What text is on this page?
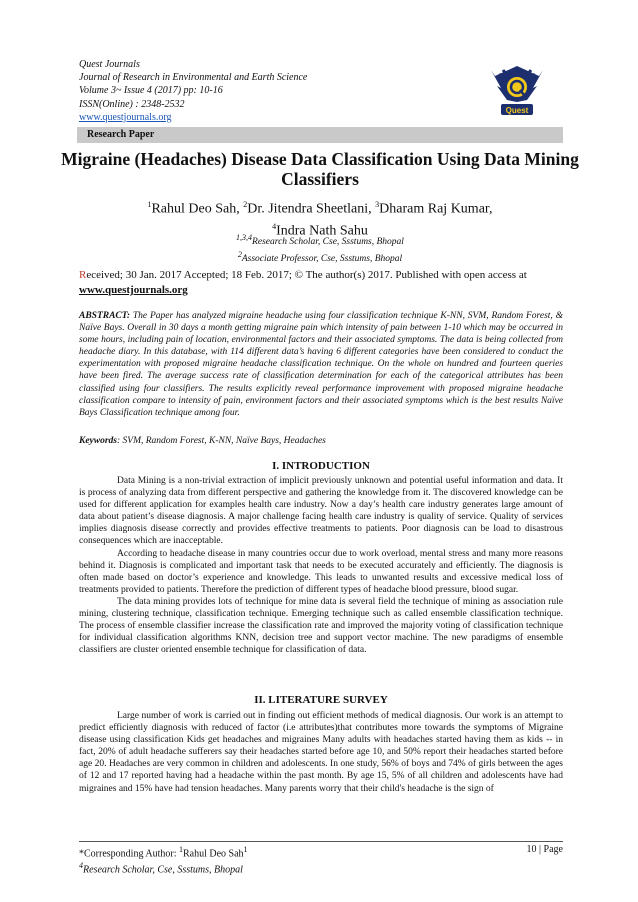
Quest Journals
Journal of Research in Environmental and Earth Science
Volume 3~ Issue 4 (2017) pp: 10-16
ISSN(Online) : 2348-2532
www.questjournals.org
Quest
Research Paper
Migraine (Headaches) Disease Data Classification Using Data Mining Classifiers
$^1$Rahul Deo Sah, $^2$Dr. Jitendra Sheetlani, $^3$Dharam Raj Kumar,
$^4$Indra Nath Sahu
$^{1,3,4}$Research Scholar, Cse, Ssstums, Bhopal
$^2$Associate Professor, Cse, Ssstums, Bhopal
Received; 30 Jan. 2017 Accepted; 18 Feb. 2017; © The author(s) 2017. Published with open access at
www.questjournals.org
ABSTRACT: The Paper has analyzed migraine headache using four classification technique K-NN, SVM, Random Forest, & Naïve Bays. Overall in 30 days a month getting migraine pain which intensity of pain between 1-10 which may be occurred in some hours, including pain of location, environmental factors and their associated symptoms. The data is being collected from headache diary. In this database, with 114 different data’s having 6 different categories have been considered to conduct the experimentation with proposed migraine headache classification technique. On the whole on hundred and fourteen queries have been fired. The average success rate of classification determination for each of the categorical attributes has been classified using four classifiers. The results explicitly reveal performance improvement with proposed migraine headache classification compare to intensity of pain, environment factors and their associated symptoms which is the best results Naïve Bays Classification technique among four.
Keywords: SVM, Random Forest, K-NN, Naïve Bays, Headaches
I. INTRODUCTION

Data Mining is a non-trivial extraction of implicit previously unknown and potential useful information and data. It is process of analyzing data from different perspective and gathering the knowledge from it. The discovered knowledge can be used for different application for examples health care industry. Now a day’s health care industry generates large amount of data about patient’s disease diagnosis. A major challenge facing health care industry is quality of service. Quality of services implies diagnosis disease correctly and provides effective treatments to patients. Poor diagnosis can be load to disastrous consequences which are inacceptable.

According to headache disease in many countries occur due to work overload, mental stress and many more reasons behind it. Diagnosis is complicated and important task that needs to be executed accurately and efficiently. The diagnosis is often made based on doctor’s experience and knowledge. This leads to unwanted results and excessive medical loss of treatments provided to patients. Therefore the prediction of different types of headache blood pressure, blood sugar.

The data mining provides lots of technique for mine data is several field the technique of mining as association rule mining, clustering technique, classification technique. Emerging technique such as called ensemble classification technique. The process of ensemble classifier increase the classification rate and improved the majority voting of classification technique for individual classification algorithms KNN, decision tree and support vector machine. The new paradigms of ensemble classifiers are cluster oriented ensemble technique for classification of data.

II. LITERATURE SURVEY

Large number of work is carried out in finding out efficient methods of medical diagnosis. Our work is an attempt to predict efficiently diagnosis with reduced of factor (i.e attributes)that contributes more towards the symptoms of Migraine disease using classification Kids get headaches and migraines Many adults with headaches started having them as kids -- in fact, 20% of adult headache sufferers say their headaches started before age 10, and 50% report their headaches started before age 20. Headaches are very common in children and adolescents. In one study, 56% of boys and 74% of girls between the ages of 12 and 17 reported having had a headache within the past month. By age 15, 5% of all children and adolescents have had migraines and 15% have had tension headaches. Many parents worry that their child's headache is the sign of

*Corresponding Author: $^1$Rahul Deo Sah$^1$
$^4$Research Scholar, Cse, Ssstums, Bhopal
10 | Page
